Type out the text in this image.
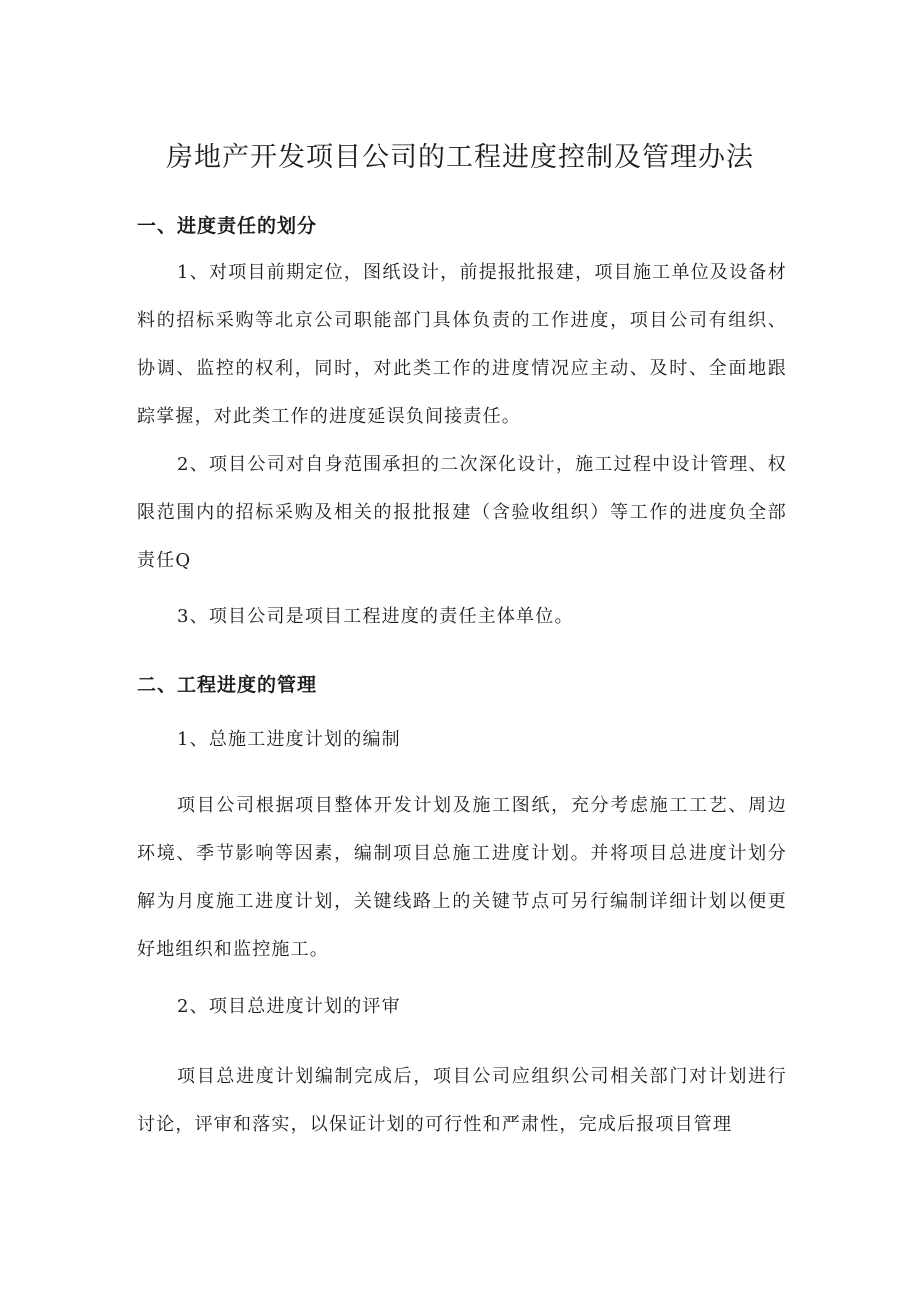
房地产开发项目公司的工程进度控制及管理办法
一、进度责任的划分

1、对项目前期定位，图纸设计，前提报批报建，项目施工单位及设备材料的招标采购等北京公司职能部门具体负责的工作进度，项目公司有组织、协调、监控的权利，同时，对此类工作的进度情况应主动、及时、全面地跟踪掌握，对此类工作的进度延误负间接责任。

2、项目公司对自身范围承担的二次深化设计，施工过程中设计管理、权限范围内的招标采购及相关的报批报建（含验收组织）等工作的进度负全部责任Q

3、项目公司是项目工程进度的责任主体单位。

二、工程进度的管理

1、总施工进度计划的编制

项目公司根据项目整体开发计划及施工图纸，充分考虑施工工艺、周边环境、季节影响等因素，编制项目总施工进度计划。并将项目总进度计划分解为月度施工进度计划，关键线路上的关键节点可另行编制详细计划以便更好地组织和监控施工。

2、项目总进度计划的评审

项目总进度计划编制完成后，项目公司应组织公司相关部门对计划进行讨论，评审和落实，以保证计划的可行性和严肃性，完成后报项目管理
